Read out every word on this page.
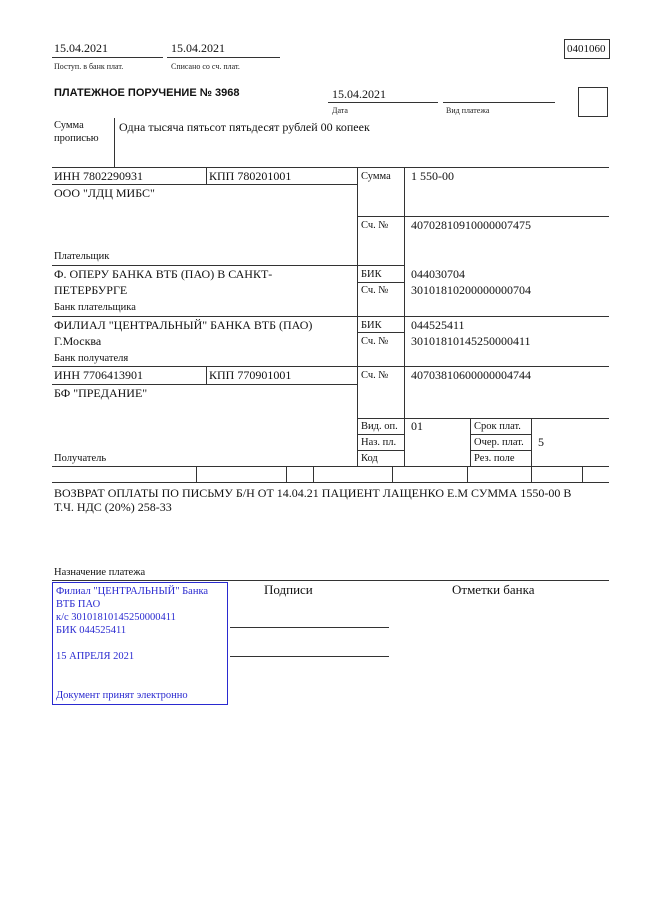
15.04.2021
Поступ. в банк плат.
15.04.2021
Списано со сч. плат.
0401060
ПЛАТЕЖНОЕ ПОРУЧЕНИЕ № 3968	15.04.2021
Дата	Вид платежа
Сумма
прописью
Одна тысяча пятьсот пятьдесят рублей 00 копеек
ИНН 7802290931	КПП 780201001
ООО "ЛДЦ МИБС"
Плательщик
Сумма 1 550-00
Сч. № 40702810910000007475
Ф. ОПЕРУ БАНКА ВТБ (ПАО) В САНКТ-
ПЕТЕРБУРГЕ
Банк плательщика
БИК 044030704
Сч. № 30101810200000000704
ФИЛИАЛ "ЦЕНТРАЛЬНЫЙ" БАНКА ВТБ (ПАО)
Г.Москва
Банк получателя
БИК 044525411
Сч. № 30101810145250000411
ИНН 7706413901	КПП 770901001
БФ "ПРЕДАНИЕ"
Получатель
Сч. № 40703810600000004744
Вид. оп. 01
Наз. пл.
Код
Срок плат.
Очер. плат. 5
Рез. поле
ВОЗВРАТ ОПЛАТЫ ПО ПИСЬМУ Б/Н ОТ 14.04.21 ПАЦИЕНТ ЛАЩЕНКО Е.М СУММА 1550-00 В
Т.Ч. НДС (20%) 258-33
Назначение платежа
Филиал "ЦЕНТРАЛЬНЫЙ" Банка
ВТБ ПАО
к/с 30101810145250000411
БИК 044525411
15 АПРЕЛЯ 2021
Документ принят электронно
Подписи	Отметки банка
